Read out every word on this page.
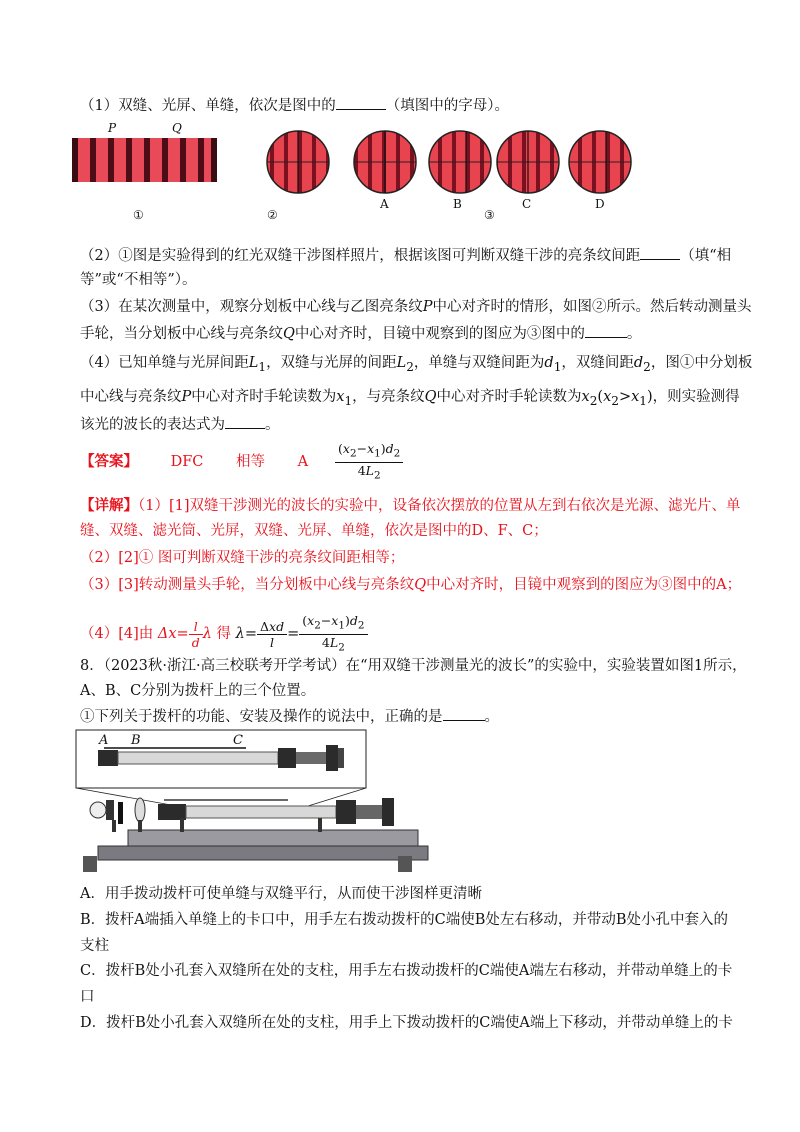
（1）双缝、光屏、单缝，依次是图中的	（填图中的字母）。
P	Q
①	②
A	B
③
C	D
（2）①图是实验得到的红光双缝干涉图样照片，根据该图可判断双缝干涉的亮条纹间距	（填“相
等”或“不相等”）。
（3）在某次测量中，观察分划板中心线与乙图亮条纹P中心对齐时的情形，如图②所示。然后转动测量头
手轮，当分划板中心线与亮条纹Q中心对齐时，目镜中观察到的图应为③图中的	。
（4）已知单缝与光屏间距$L_1$，双缝与光屏的间距$L_2$，单缝与双缝间距为$d_1$，双缝间距$d_2$，图①中分划板
中心线与亮条纹P中心对齐时手轮读数为$x_1$，与亮条纹Q中心对齐时手轮读数为$x_2(x_2>x_1)$，则实验测得
该光的波长的表达式为	。
【答案】 DFC 相等 A $\frac{(x_2-x_1)d_2}{4L_2}$
【详解】（1）[1]双缝干涉测光的波长的实验中，设备依次摆放的位置从左到右依次是光源、滤光片、单
缝、双缝、滤光筒、光屏，双缝、光屏、单缝，依次是图中的D、F、C；
（2）[2]① 图可判断双缝干涉的亮条纹间距相等；
（3）[3]转动测量头手轮，当分划板中心线与亮条纹Q中心对齐时，目镜中观察到的图应为③图中的A；
（4）[4]由 $\Delta x= \frac{l}{d}$ λ 得 $\lambda= \frac{\text{Δxd}}{l} = \frac{(x_2-x_1)d_2}{4L_2}$
8．（2023秋·浙江·高三校联考开学考试）在“用双缝干涉测量光的波长”的实验中，实验装置如图1所示，
A、B、C分别为拨杆上的三个位置。
①下列关于拨杆的功能、安装及操作的说法中，正确的是	。
A B	C
A．用手拨动拨杆可使单缝与双缝平行，从而使干涉图样更清晰
B．拨杆A端插入单缝上的卡口中，用手左右拨动拨杆的C端使B处左右移动，并带动B处小孔中套入的
支柱
C．拨杆B处小孔套入双缝所在处的支柱，用手左右拨动拨杆的C端使A端左右移动，并带动单缝上的卡
口
D．拨杆B处小孔套入双缝所在处的支柱，用手上下拨动拨杆的C端使A端上下移动，并带动单缝上的卡
